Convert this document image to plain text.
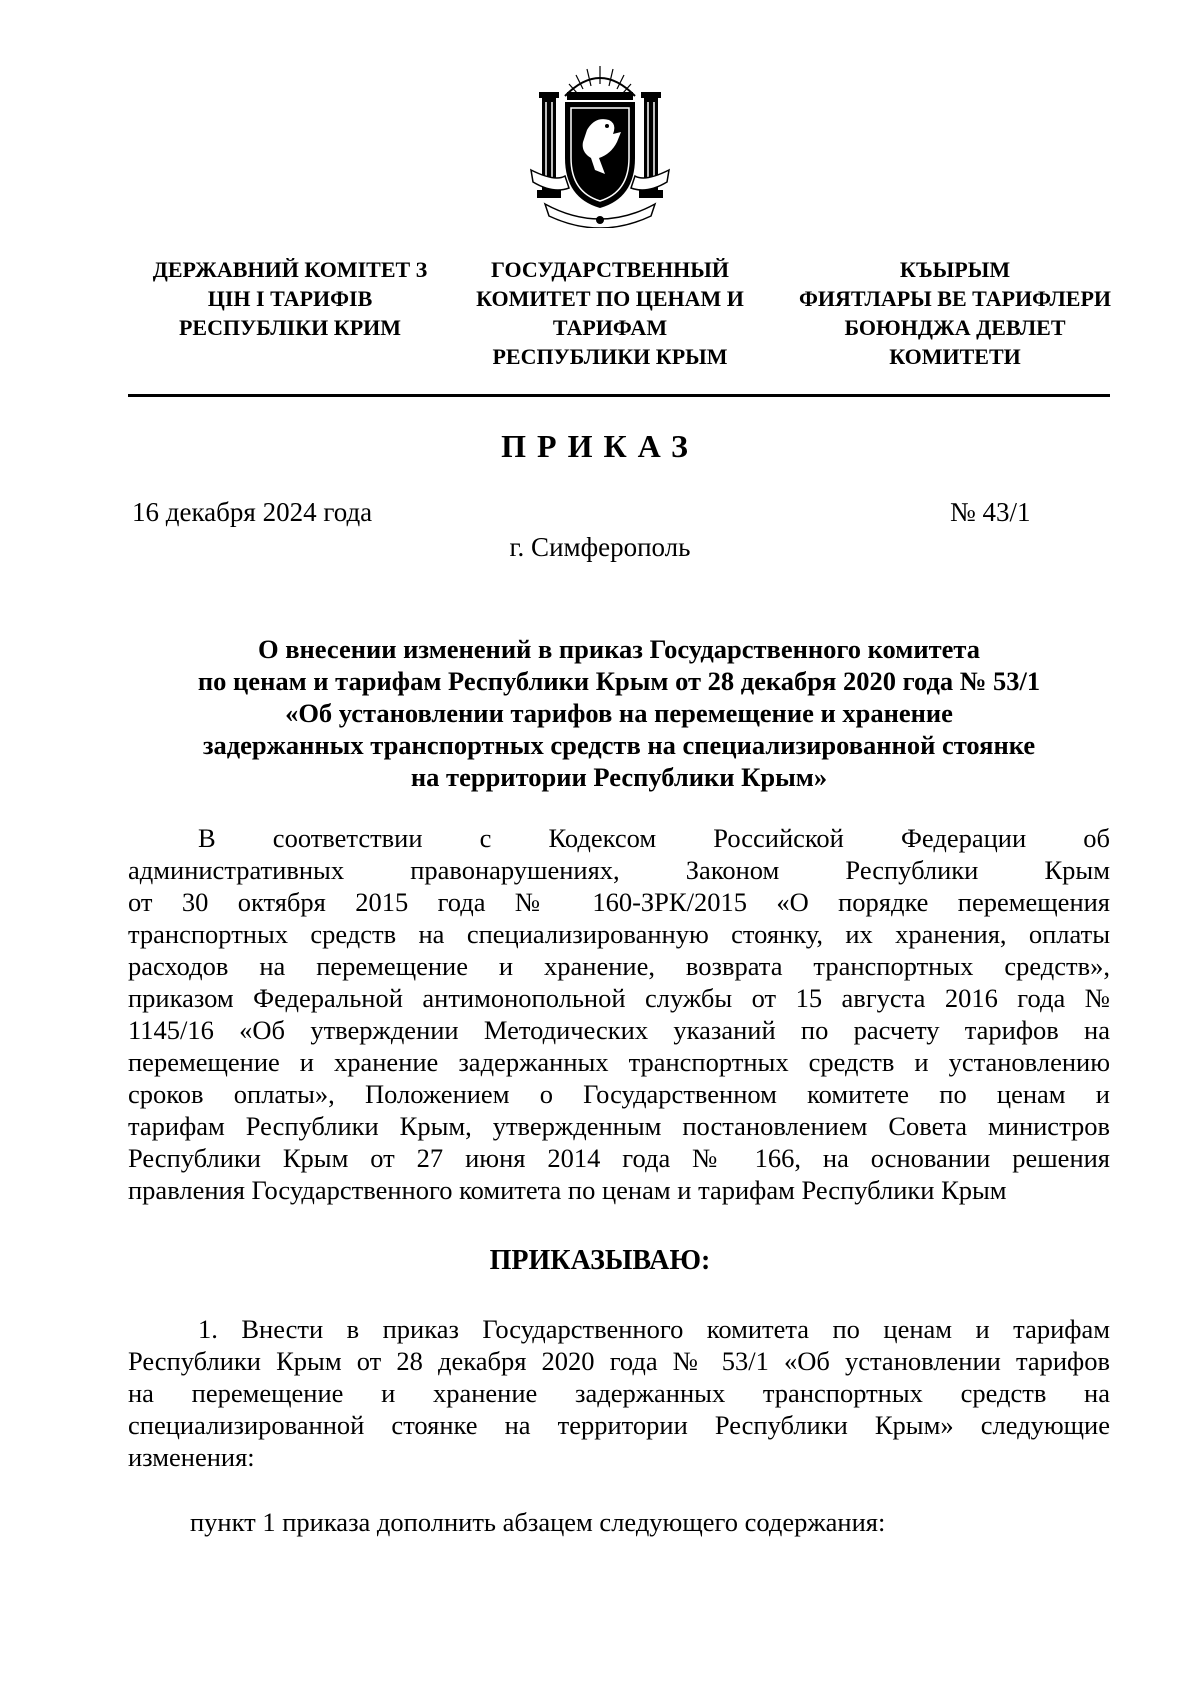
ДЕРЖАВНИЙ КОМІТЕТ З
ЦІН І ТАРИФІВ
РЕСПУБЛІКИ КРИМ
ГОСУДАРСТВЕННЫЙ
КОМИТЕТ ПО ЦЕНАМ И
ТАРИФАМ
РЕСПУБЛИКИ КРЫМ
КЪЫРЫМ
ФИЯТЛАРЫ ВЕ ТАРИФЛЕРИ
БОЮНДЖА ДЕВЛЕТ
КОМИТЕТИ
ПРИКАЗ
16 декабря 2024 года	№ 43/1
г. Симферополь
О внесении изменений в приказ Государственного комитета
по ценам и тарифам Республики Крым от 28 декабря 2020 года № 53/1
«Об установлении тарифов на перемещение и хранение
задержанных транспортных средств на специализированной стоянке
на территории Республики Крым»
В соответствии с Кодексом Российской Федерации об
административных правонарушениях, Законом Республики Крым
от 30 октября 2015 года № 160-ЗРК/2015 «О порядке перемещения
транспортных средств на специализированную стоянку, их хранения, оплаты
расходов на перемещение и хранение, возврата транспортных средств»,
приказом Федеральной антимонопольной службы от 15 августа 2016 года №
1145/16 «Об утверждении Методических указаний по расчету тарифов на
перемещение и хранение задержанных транспортных средств и установлению
сроков оплаты», Положением о Государственном комитете по ценам и
тарифам Республики Крым, утвержденным постановлением Совета министров
Республики Крым от 27 июня 2014 года № 166, на основании решения
правления Государственного комитета по ценам и тарифам Республики Крым
ПРИКАЗЫВАЮ:
1. Внести в приказ Государственного комитета по ценам и тарифам
Республики Крым от 28 декабря 2020 года № 53/1 «Об установлении тарифов
на перемещение и хранение задержанных транспортных средств на
специализированной стоянке на территории Республики Крым» следующие
изменения:
пункт 1 приказа дополнить абзацем следующего содержания:
